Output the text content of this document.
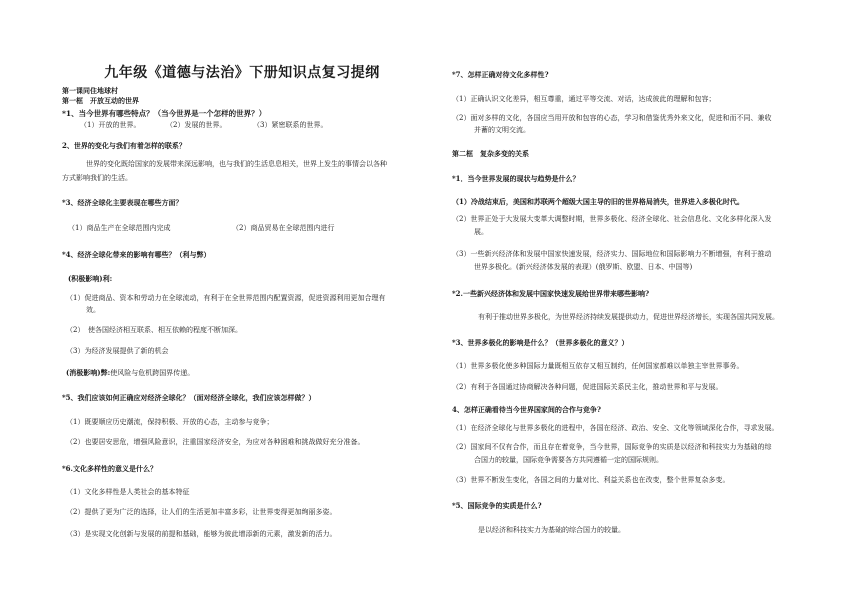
九年级《道德与法治》下册知识点复习提纲
第一课同住地球村
第一框　开放互动的世界
*1、当今世界有哪些特点？（当今世界是一个怎样的世界？）
（1）开放的世界。	（2）发展的世界。	（3）紧密联系的世界。
2、世界的变化与我们有着怎样的联系？
世界的变化既给国家的发展带来深远影响，也与我们的生活息息相关，世界上发生的事情会以各种
方式影响我们的生活。
*3、经济全球化主要表现在哪些方面？
（1）商品生产在全球范围内完成	（2）商品贸易在全球范围内进行
*4、经济全球化带来的影响有哪些？（利与弊）
(积极影响)利:
（1）促进商品、资本和劳动力在全球流动，有利于在全世界范围内配置资源，促进资源利用更加合理有
效。
（2）　使各国经济相互联系、相互依赖的程度不断加深。
（3）为经济发展提供了新的机会
(消极影响)弊:使风险与危机跨国界传递。
*5、我们应该如何正确应对经济全球化？（面对经济全球化，我们应该怎样做？）
（1）既要顺应历史潮流，保持积极、开放的心态，主动参与竞争；
（2）也要居安思危，增强风险意识，注重国家经济安全，为应对各种困难和挑战做好充分准备。
*6.文化多样性的意义是什么？
（1）文化多样性是人类社会的基本特征
（2）提供了更为广泛的选择，让人们的生活更加丰富多彩，让世界变得更加绚丽多姿。
（3）是实现文化创新与发展的前提和基础，能够为彼此增添新的元素，激发新的活力。
*7、怎样正确对待文化多样性?
（1）正确认识文化差异，相互尊重，通过平等交流、对话，达成彼此的理解和包容；
（2）面对多样的文化，各国应当用开放和包容的心态，学习和借鉴优秀外来文化，促进和而不同、兼收
并蓄的文明交流。
第二框　复杂多变的关系
*1．当今世界发展的现状与趋势是什么？
（1）冷战结束后，美国和苏联两个超级大国主导的旧的世界格局消失，世界进入多极化时代。
（2）世界正处于大发展大变革大调整时期，世界多极化、经济全球化、社会信息化、文化多样化深入发
展。
（3）一些新兴经济体和发展中国家快速发展，经济实力、国际地位和国际影响力不断增强，有利于推动
世界多极化。(新兴经济体发展的表现）(俄罗斯、欧盟、日本、中国等)
*2.一些新兴经济体和发展中国家快速发展给世界带来哪些影响?
有利于推动世界多极化，为世界经济持续发展提供动力，促进世界经济增长，实现各国共同发展。
*3、世界多极化的影响是什么？（世界多极化的意义？）
（1）世界多极化使多种国际力量既相互依存又相互制约，任何国家都难以单独主宰世界事务。
（2）有利于各国通过协商解决各种问题，促进国际关系民主化，推动世界和平与发展。
4、怎样正确看待当今世界国家间的合作与竞争?
（1）在经济全球化与世界多极化的进程中，各国在经济、政治、安全、文化等领域深化合作，寻求发展。
（2）国家间不仅有合作，而且存在着竞争，当今世界，国际竞争的实质是以经济和科技实力为基础的综
合国力的较量，国际竞争需要各方共同遵循一定的国际规则。
（3）世界不断发生变化，各国之间的力量对比、利益关系也在改变，整个世界复杂多变。
*5、国际竞争的实质是什么?
是以经济和科技实力为基础的综合国力的较量。
